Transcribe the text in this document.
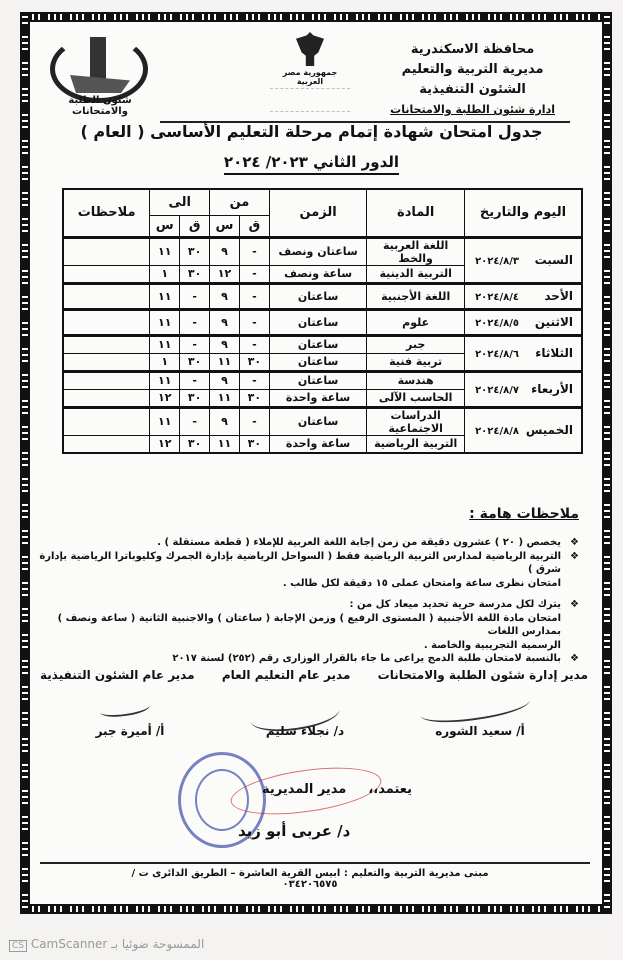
محافظة الاسكندرية
مديرية التربية والتعليم
الشئون التنفيذية
ادارة شئون الطلبة والامتحانات
جمهورية مصر العربية
شئون الطلبة والامتحانات
جدول امتحان شهادة إتمام مرحلة التعليم الأساسى ( العام )
الدور الثاني ٢٠٢٣/ ٢٠٢٤
اليوم والتاريخ	المادة	الزمن	من		الى		ملاحظات
			ق	س	ق	س	
السبت٢٠٢٤/٨/٣	اللغة العربية والخط	ساعتان ونصف	-	٩	٣٠	١١	
	التربية الدينية	ساعة ونصف	-	١٢	٣٠	١	
الأحد٢٠٢٤/٨/٤	اللغة الأجنبية	ساعتان	-	٩	-	١١	
الاثنين٢٠٢٤/٨/٥	علوم	ساعتان	-	٩	-	١١	
الثلاثاء٢٠٢٤/٨/٦	جبر	ساعتان	-	٩	-	١١	
	تربية فنية	ساعتان	٣٠	١١	٣٠	١	
الأربعاء٢٠٢٤/٨/٧	هندسة	ساعتان	-	٩	-	١١	
	الحاسب الآلى	ساعة واحدة	٣٠	١١	٣٠	١٢	
الخميس٢٠٢٤/٨/٨	الدراسات الاجتماعية	ساعتان	-	٩	-	١١	
	التربية الرياضية	ساعة واحدة	٣٠	١١	٣٠	١٢	
ملاحظات هامة :
❖
يخصص ( ٢٠ ) عشرون دقيقة من زمن إجابة اللغة العربية للإملاء ( قطعة مستقلة ) .
❖
التربية الرياضية لمدارس التربية الرياضية فقط ( السواحل الرياضية بإدارة الجمرك وكليوباترا الرياضية بإدارة شرق )
امتحان نظرى ساعة وامتحان عملى ١٥ دقيقة لكل طالب .
❖
يترك لكل مدرسة حرية تحديد ميعاد كل من :
امتحان مادة اللغة الأجنبية ( المستوى الرفيع ) وزمن الإجابة ( ساعتان ) والاجنبية الثانية ( ساعة ونصف ) بمدارس اللغات
الرسمية التجريبية والخاصة .
❖
بالنسبة لامتحان طلبة الدمج يراعى ما جاء بالقرار الوزارى رقم (٢٥٢) لسنة ٢٠١٧
مدير إدارة شئون الطلبة والامتحانات
مدير عام التعليم العام
مدير عام الشئون التنفيذية
أ/ سعيد الشوره
د/ نجلاء سليم
أ/ أميرة جبر
يعتمد،،
مدير المديرية
د/ عربى أبو زيد
مبنى مديرية التربية والتعليم : ابيس القرية العاشرة – الطريق الدائرى ت / ٠٣٤٢٠٦٥٧٥
الممسوحة ضوئيا بـ CamScanner CS
